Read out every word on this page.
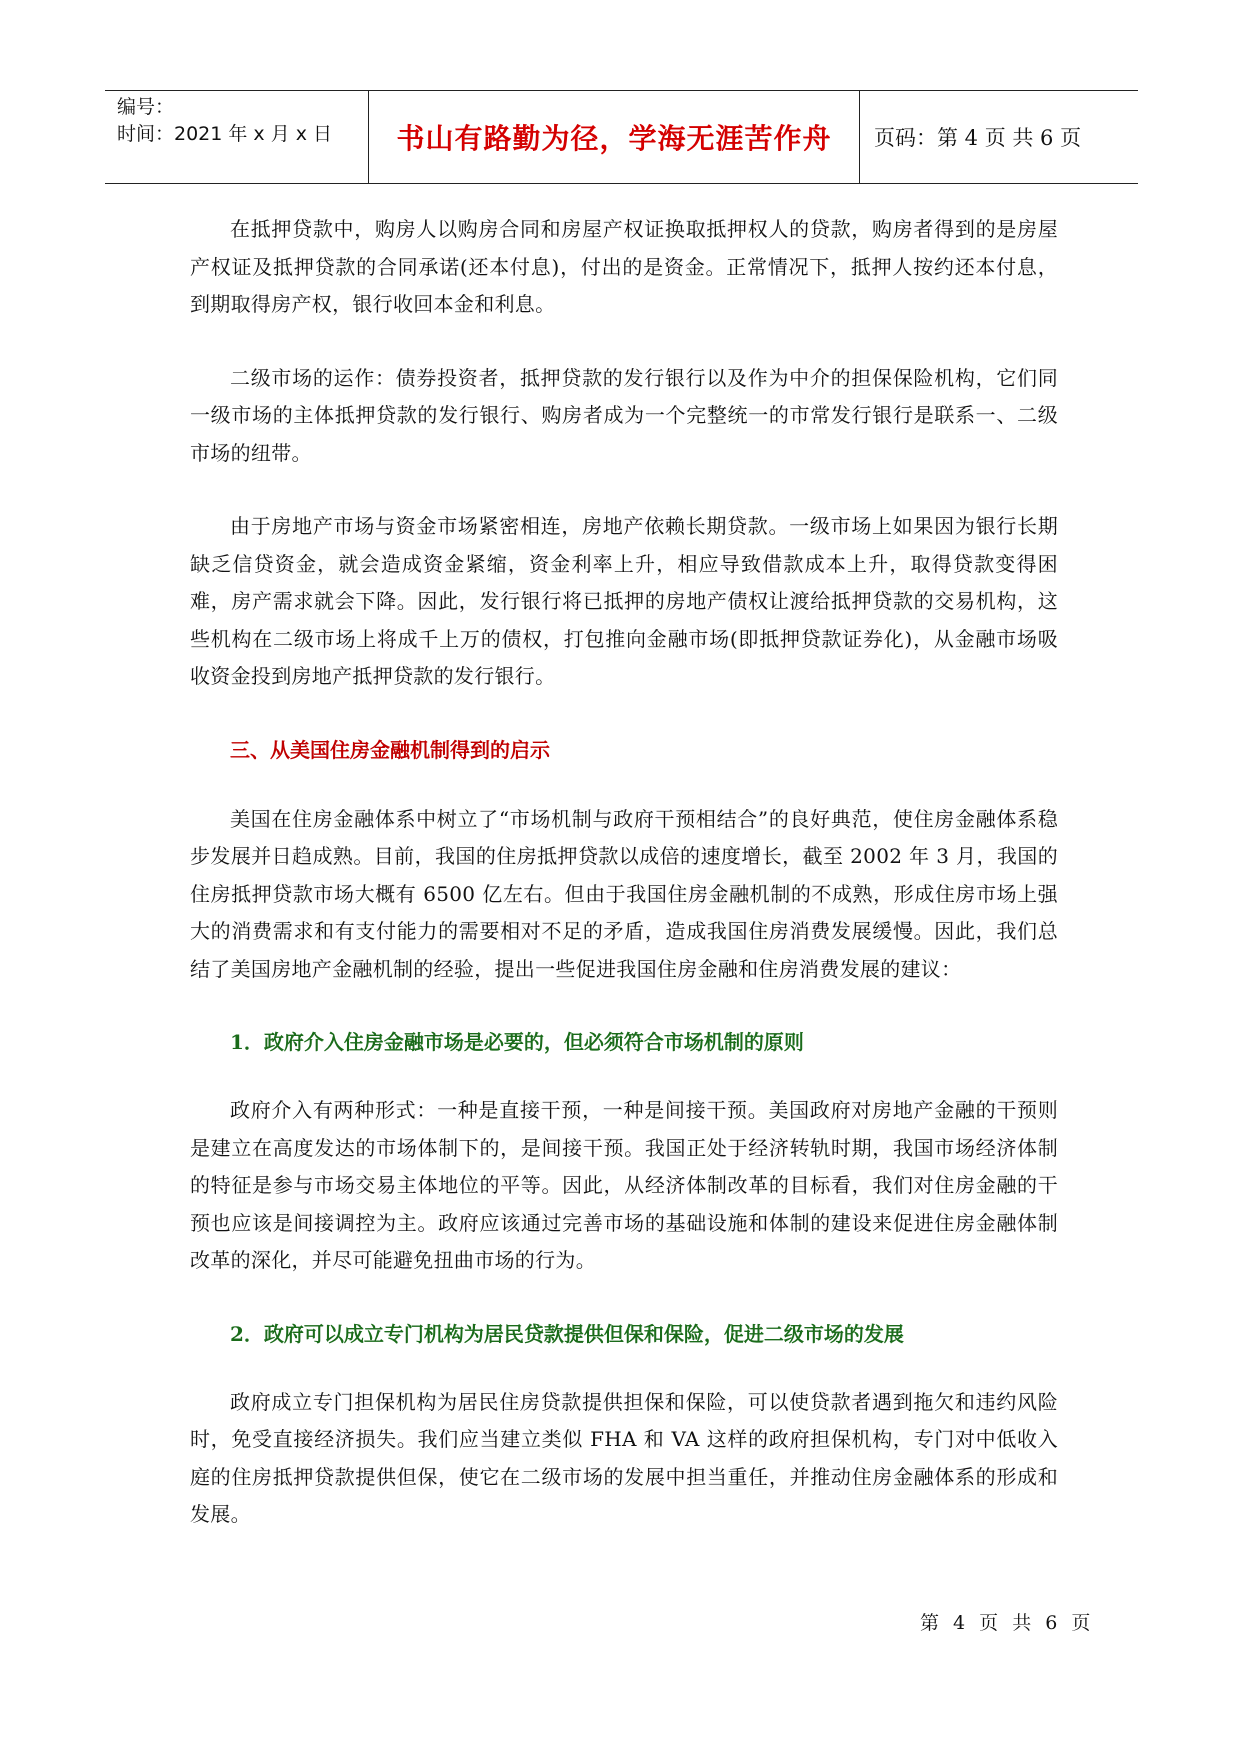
编号：
时间：2021 年 x 月 x 日	书山有路勤为径，学海无涯苦作舟	页码：第 4 页 共 6 页

在抵押贷款中，购房人以购房合同和房屋产权证换取抵押权人的贷款，购房者得到的是房屋产权证及抵押贷款的合同承诺(还本付息)，付出的是资金。正常情况下，抵押人按约还本付息，到期取得房产权，银行收回本金和利息。

二级市场的运作：债券投资者，抵押贷款的发行银行以及作为中介的担保保险机构，它们同一级市场的主体抵押贷款的发行银行、购房者成为一个完整统一的市常发行银行是联系一、二级市场的纽带。

由于房地产市场与资金市场紧密相连，房地产依赖长期贷款。一级市场上如果因为银行长期缺乏信贷资金，就会造成资金紧缩，资金利率上升，相应导致借款成本上升，取得贷款变得困难，房产需求就会下降。因此，发行银行将已抵押的房地产债权让渡给抵押贷款的交易机构，这些机构在二级市场上将成千上万的债权，打包推向金融市场(即抵押贷款证券化)，从金融市场吸收资金投到房地产抵押贷款的发行银行。

三、从美国住房金融机制得到的启示

美国在住房金融体系中树立了“市场机制与政府干预相结合”的良好典范，使住房金融体系稳步发展并日趋成熟。目前，我国的住房抵押贷款以成倍的速度增长，截至 2002 年 3 月，我国的住房抵押贷款市场大概有 6500 亿左右。但由于我国住房金融机制的不成熟，形成住房市场上强大的消费需求和有支付能力的需要相对不足的矛盾，造成我国住房消费发展缓慢。因此，我们总结了美国房地产金融机制的经验，提出一些促进我国住房金融和住房消费发展的建议：

1．政府介入住房金融市场是必要的，但必须符合市场机制的原则

政府介入有两种形式：一种是直接干预，一种是间接干预。美国政府对房地产金融的干预则是建立在高度发达的市场体制下的，是间接干预。我国正处于经济转轨时期，我国市场经济体制的特征是参与市场交易主体地位的平等。因此，从经济体制改革的目标看，我们对住房金融的干预也应该是间接调控为主。政府应该通过完善市场的基础设施和体制的建设来促进住房金融体制改革的深化，并尽可能避免扭曲市场的行为。

2．政府可以成立专门机构为居民贷款提供但保和保险，促进二级市场的发展

政府成立专门担保机构为居民住房贷款提供担保和保险，可以使贷款者遇到拖欠和违约风险时，免受直接经济损失。我们应当建立类似 FHA 和 VA 这样的政府担保机构，专门对中低收入庭的住房抵押贷款提供但保，使它在二级市场的发展中担当重任，并推动住房金融体系的形成和发展。

第 4 页 共 6 页
